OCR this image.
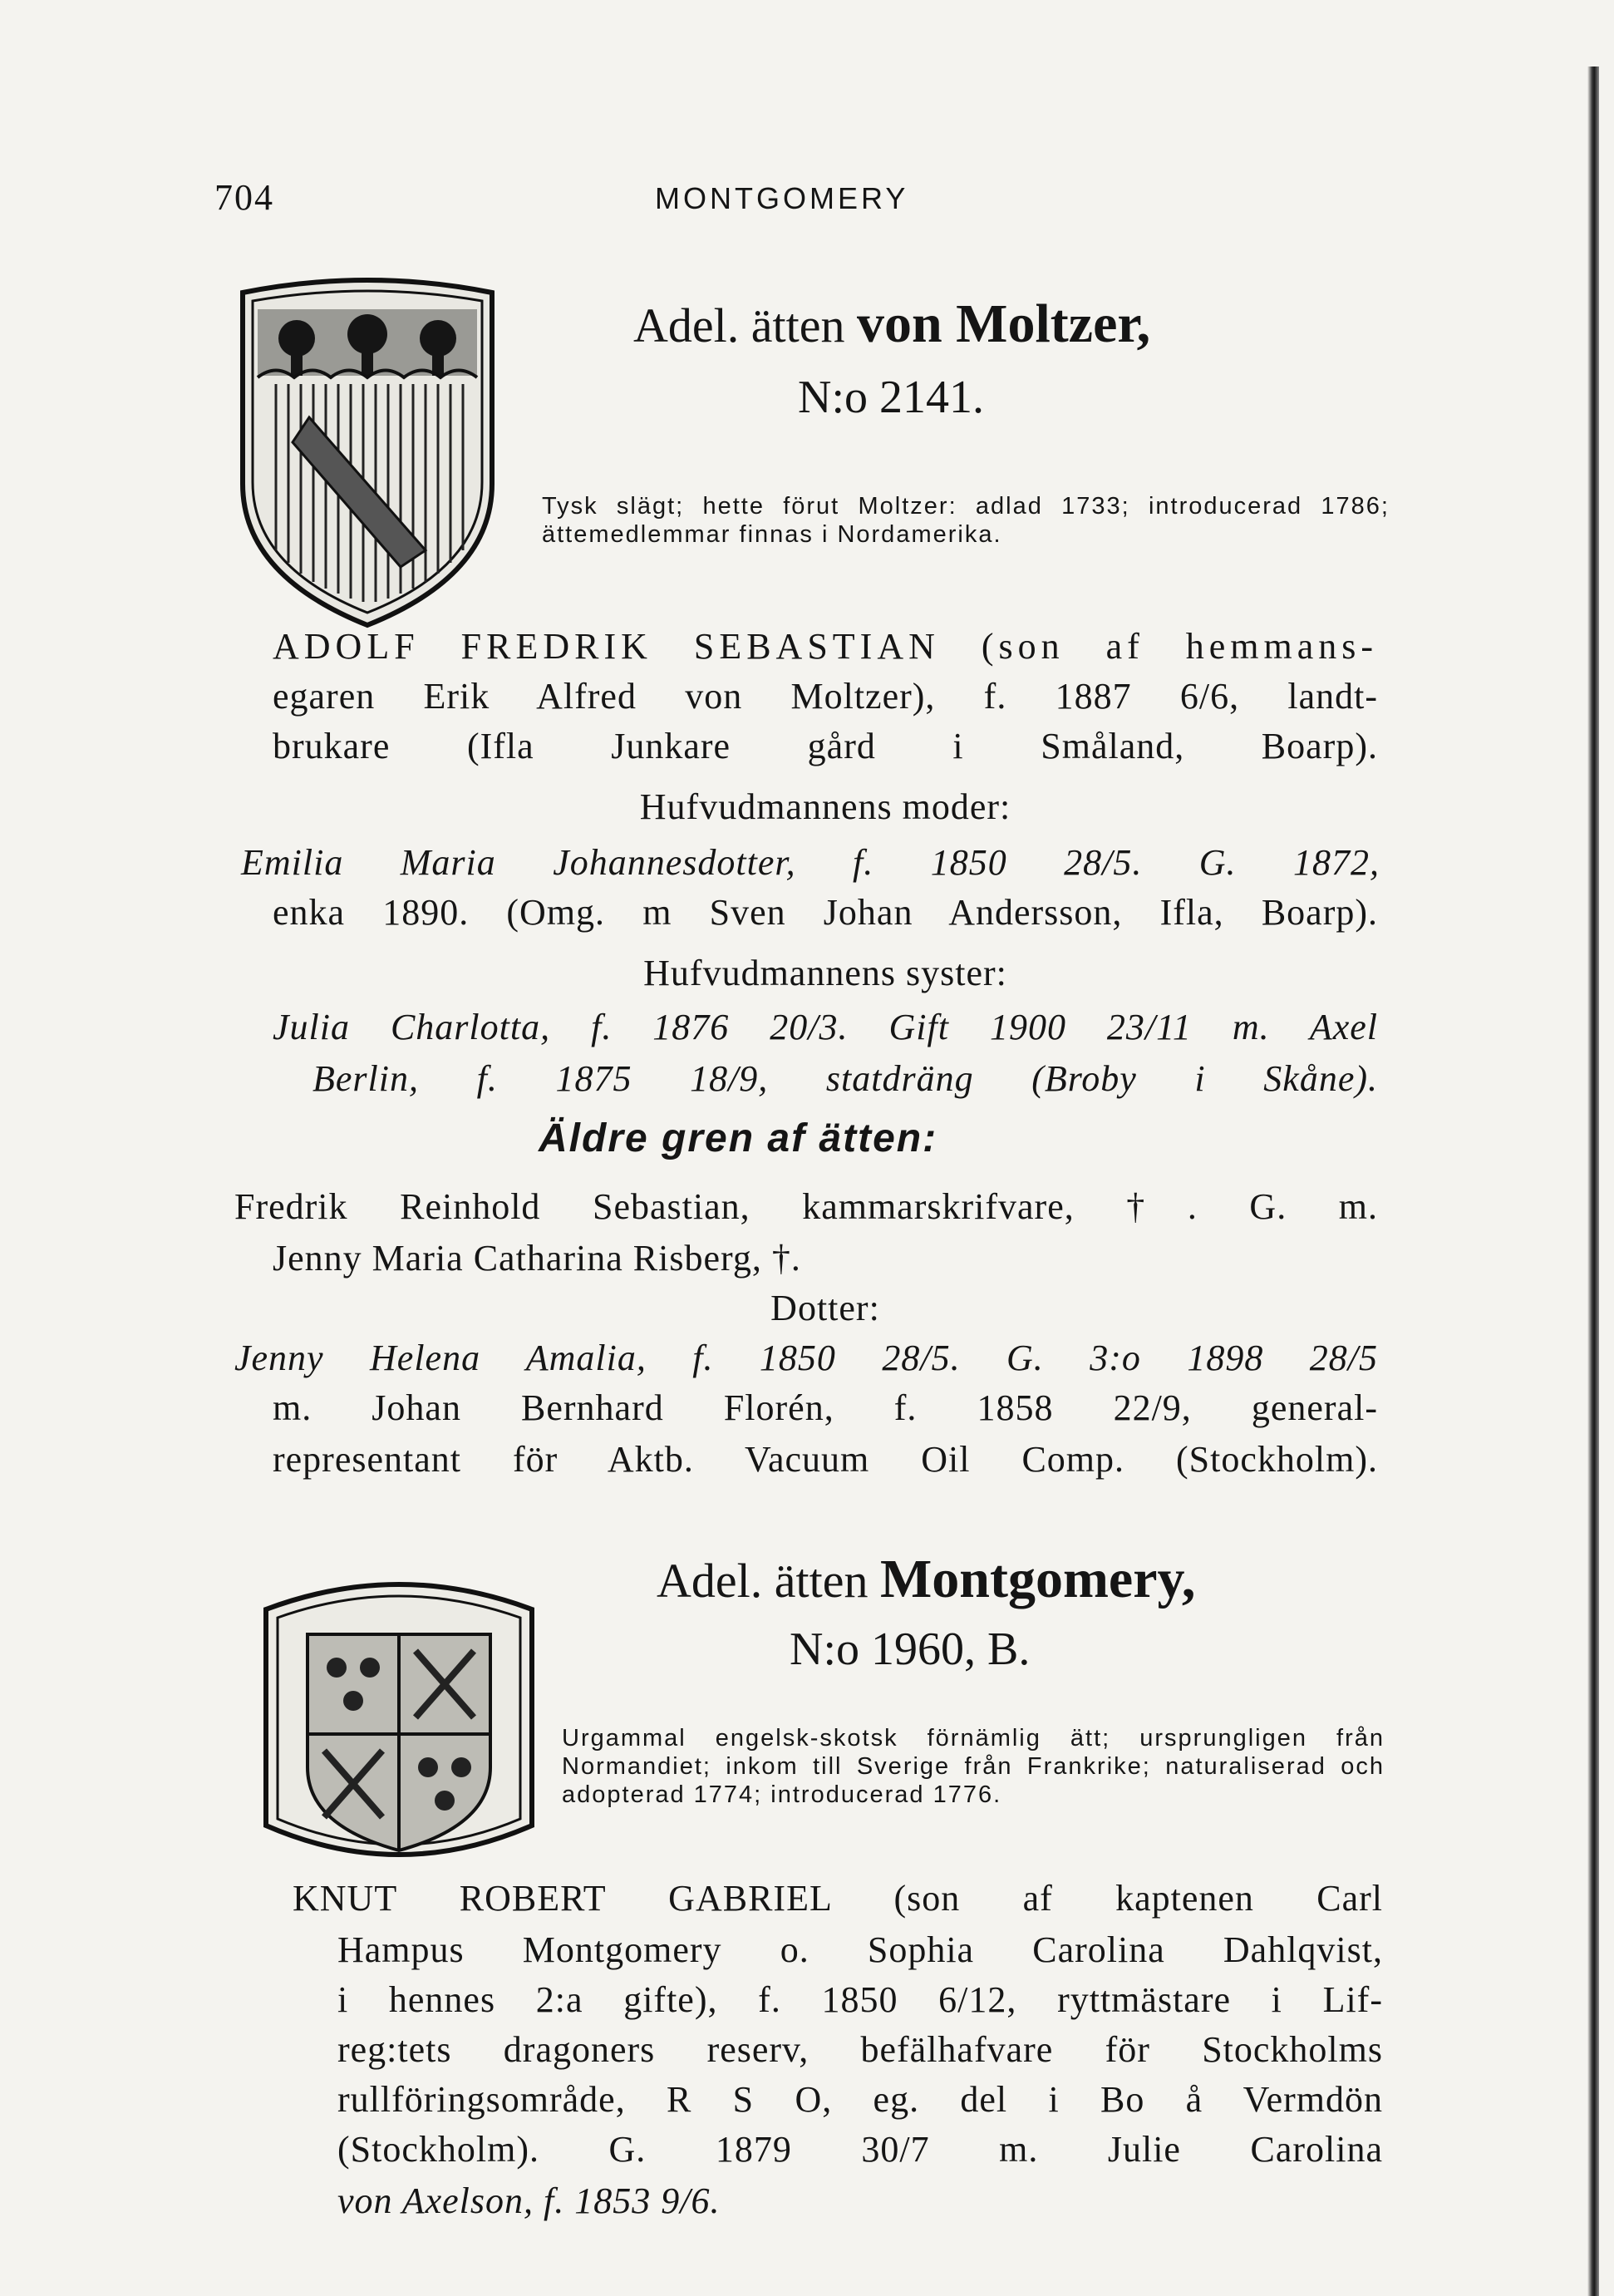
704	MONTGOMERY
Adel. ätten von Moltzer,
N:o 2141.
Tysk slägt; hette förut Moltzer: adlad 1733; introducerad 1786; ättemedlemmar finnas i Nordamerika.
ADOLF FREDRIK SEBASTIAN (son af hemmans-
egaren Erik Alfred von Moltzer), f. 1887 6/6, landt-
brukare (Ifla Junkare gård i Småland, Boarp).
Hufvudmannens moder:
Emilia Maria Johannesdotter, f. 1850 28/5. G. 1872,
enka 1890. (Omg. m Sven Johan Andersson, Ifla, Boarp).
Hufvudmannens syster:
Julia Charlotta, f. 1876 20/3. Gift 1900 23/11 m. Axel
Berlin, f. 1875 18/9, statdräng (Broby i Skåne).
Äldre gren af ätten:
Fredrik Reinhold Sebastian, kammarskrifvare, †. G. m.
Jenny Maria Catharina Risberg, †.
Dotter:
Jenny Helena Amalia, f. 1850 28/5. G. 3:o 1898 28/5
m. Johan Bernhard Florén, f. 1858 22/9, general-
representant för Aktb. Vacuum Oil Comp. (Stockholm).
Adel. ätten Montgomery,
N:o 1960, B.
Urgammal engelsk-skotsk förnämlig ätt; ursprungligen från Normandiet; inkom till Sverige från Frankrike; naturaliserad och adopterad 1774; introducerad 1776.
KNUT ROBERT GABRIEL (son af kaptenen Carl
Hampus Montgomery o. Sophia Carolina Dahlqvist,
i hennes 2:a gifte), f. 1850 6/12, ryttmästare i Lif-
reg:tets dragoners reserv, befälhafvare för Stockholms
rullföringsområde, R S O, eg. del i Bo å Vermdön
(Stockholm). G. 1879 30/7 m. Julie Carolina
von Axelson, f. 1853 9/6.
